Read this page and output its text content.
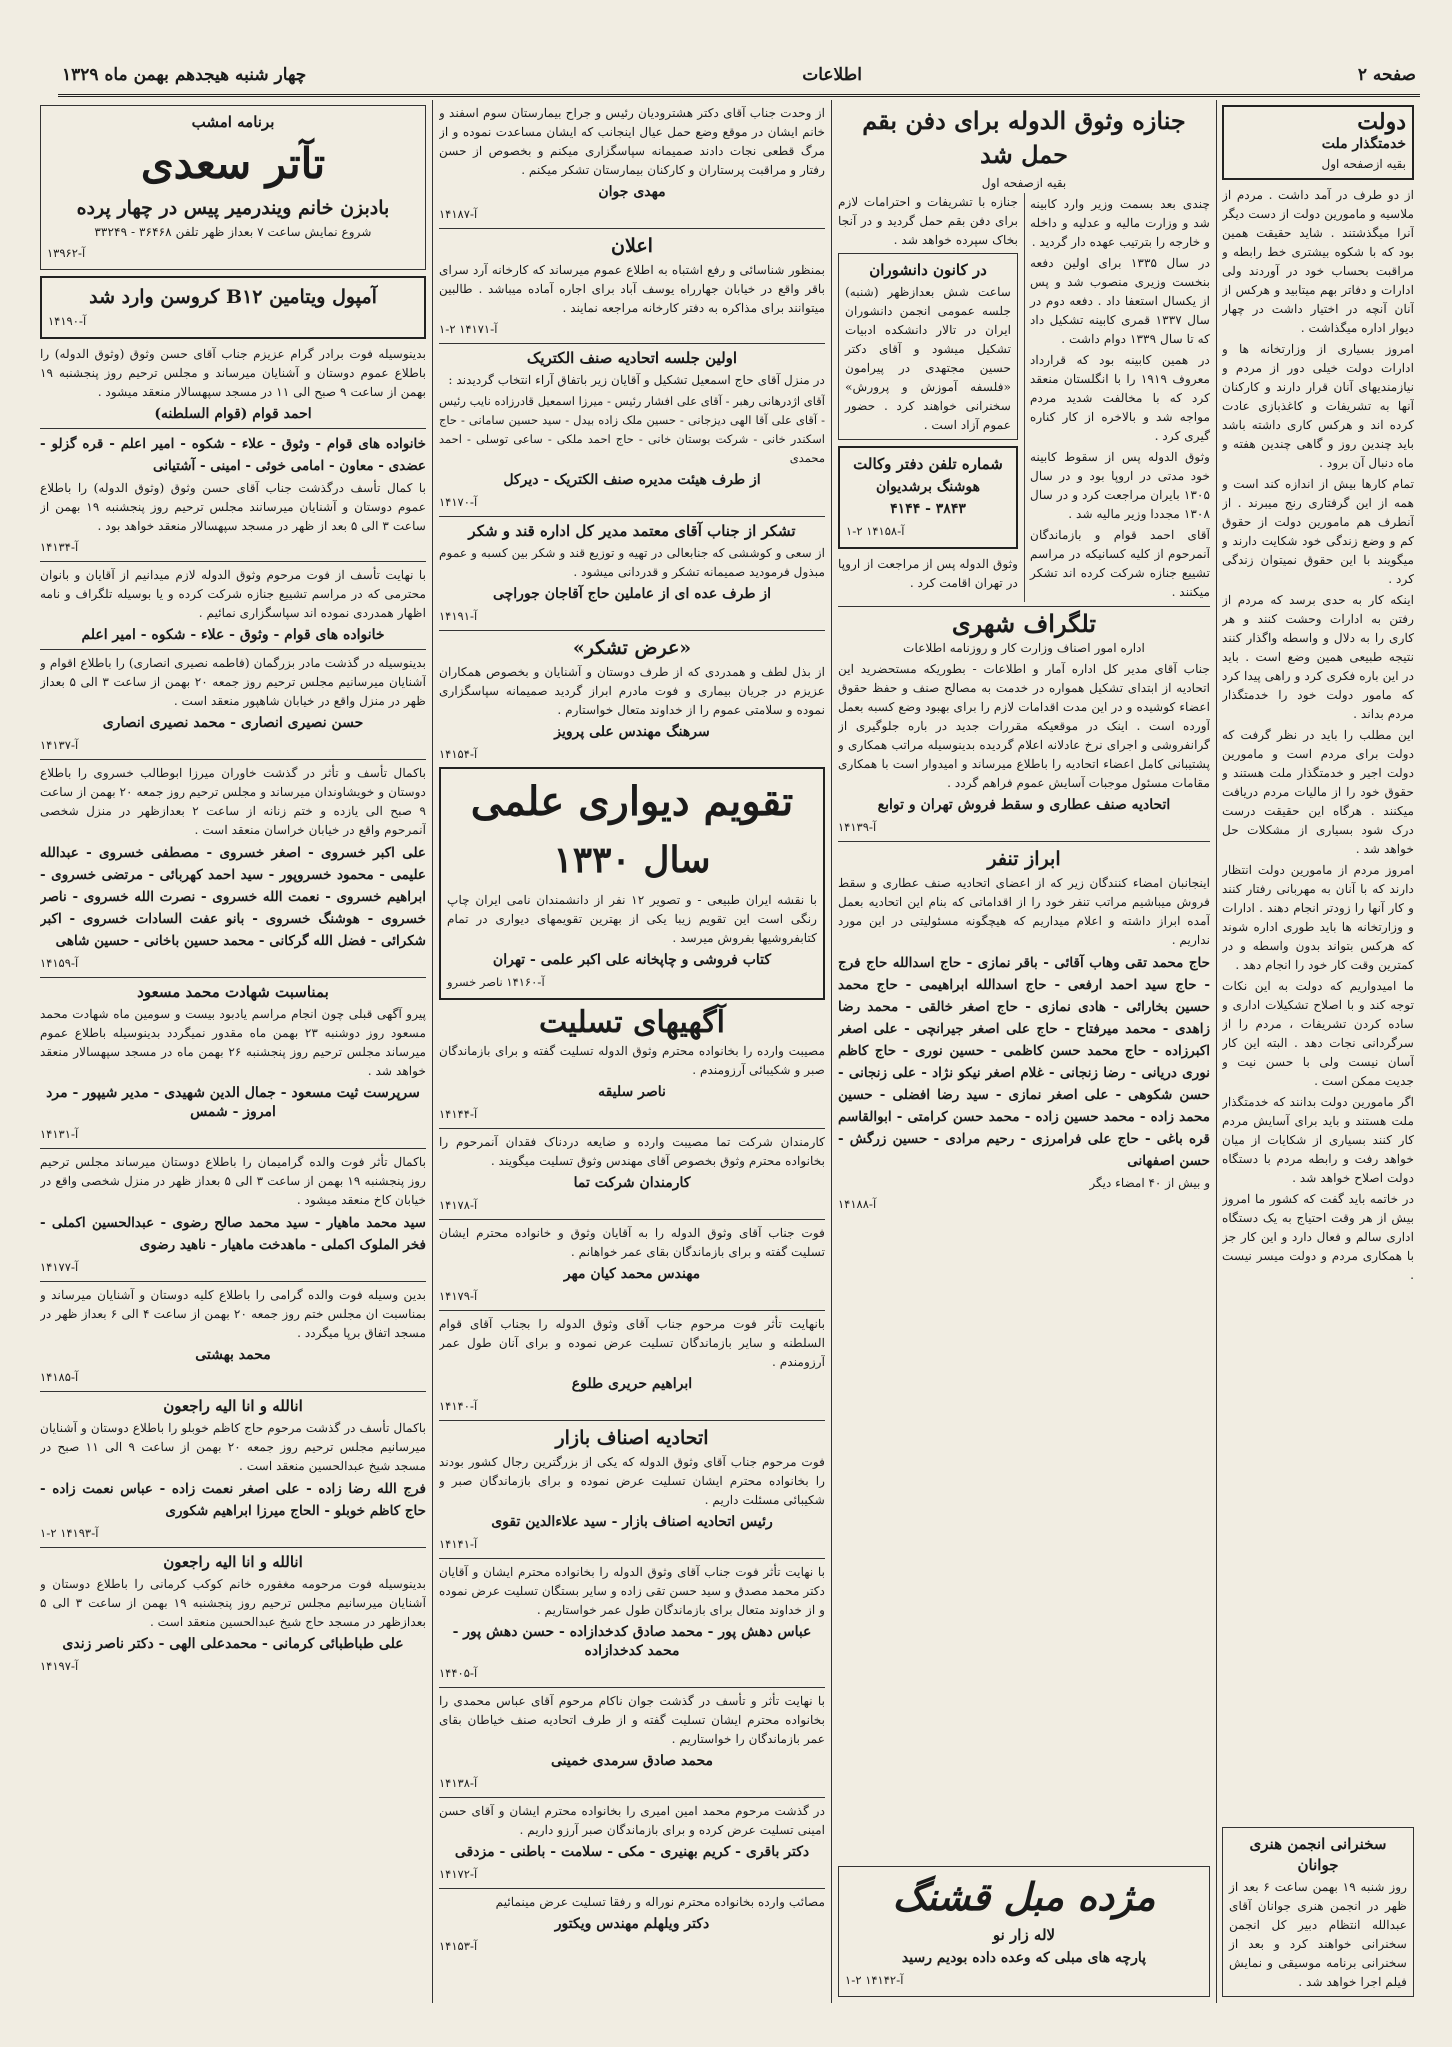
صفحه ۲
اطلاعات
چهار شنبه هیجدهم بهمن ماه ۱۳۲۹
دولت
خدمتگذار ملت
بقیه ازصفحه اول

از دو طرف در آمد داشت . مردم از ملاسیه و مامورین دولت از دست دیگر آنرا میگذشتند . شاید حقیقت همین بود که با شکوه بیشتری خط رابطه و مراقبت بحساب خود در آوردند ولی ادارات و دفاتر بهم میتابید و هرکس از آنان آنچه در اختیار داشت در چهار دیوار اداره میگذاشت .

امروز بسیاری از وزارتخانه ها و ادارات دولت خیلی دور از مردم و نیازمندیهای آنان قرار دارند و کارکنان آنها به تشریفات و کاغذبازی عادت کرده اند و هرکس کاری داشته باشد باید چندین روز و گاهی چندین هفته و ماه دنبال آن برود .

تمام کارها بیش از اندازه کند است و همه از این گرفتاری رنج میبرند . از آنطرف هم مامورین دولت از حقوق کم و وضع زندگی خود شکایت دارند و میگویند با این حقوق نمیتوان زندگی کرد .

اینکه کار به حدی برسد که مردم از رفتن به ادارات وحشت کنند و هر کاری را به دلال و واسطه واگذار کنند نتیجه طبیعی همین وضع است . باید در این باره فکری کرد و راهی پیدا کرد که مامور دولت خود را خدمتگذار مردم بداند .

این مطلب را باید در نظر گرفت که دولت برای مردم است و مامورین دولت اجیر و خدمتگذار ملت هستند و حقوق خود را از مالیات مردم دریافت میکنند . هرگاه این حقیقت درست درک شود بسیاری از مشکلات حل خواهد شد .

امروز مردم از مامورین دولت انتظار دارند که با آنان به مهربانی رفتار کنند و کار آنها را زودتر انجام دهند . ادارات و وزارتخانه ها باید طوری اداره شوند که هرکس بتواند بدون واسطه و در کمترین وقت کار خود را انجام دهد .

ما امیدواریم که دولت به این نکات توجه کند و با اصلاح تشکیلات اداری و ساده کردن تشریفات ، مردم را از سرگردانی نجات دهد . البته این کار آسان نیست ولی با حسن نیت و جدیت ممکن است .

اگر مامورین دولت بدانند که خدمتگذار ملت هستند و باید برای آسایش مردم کار کنند بسیاری از شکایات از میان خواهد رفت و رابطه مردم با دستگاه دولت اصلاح خواهد شد .

در خاتمه باید گفت که کشور ما امروز بیش از هر وقت احتیاج به یک دستگاه اداری سالم و فعال دارد و این کار جز با همکاری مردم و دولت میسر نیست .

سخنرانی انجمن هنری جوانان
روز شنبه ۱۹ بهمن ساعت ۶ بعد از ظهر در انجمن هنری جوانان آقای عبدالله انتظام دبیر کل انجمن سخنرانی خواهند کرد و بعد از سخنرانی برنامه موسیقی و نمایش فیلم اجرا خواهد شد .
جنازه وثوق الدوله برای دفن بقم حمل شد
بقیه ازصفحه اول

چندی بعد بسمت وزیر وارد کابینه شد و وزارت مالیه و عدلیه و داخله و خارجه را بترتیب عهده دار گردید .

در سال ۱۳۳۵ برای اولین دفعه بنخست وزیری منصوب شد و پس از یکسال استعفا داد . دفعه دوم در سال ۱۳۳۷ قمری کابینه تشکیل داد که تا سال ۱۳۳۹ دوام داشت .

در همین کابینه بود که قرارداد معروف ۱۹۱۹ را با انگلستان منعقد کرد که با مخالفت شدید مردم مواجه شد و بالاخره از کار کناره گیری کرد .

وثوق الدوله پس از سقوط کابینه خود مدتی در اروپا بود و در سال ۱۳۰۵ بایران مراجعت کرد و در سال ۱۳۰۸ مجددا وزیر مالیه شد .

آقای احمد قوام و بازماندگان آنمرحوم از کلیه کسانیکه در مراسم تشییع جنازه شرکت کرده اند تشکر میکنند .

جنازه با تشریفات و احترامات لازم برای دفن بقم حمل گردید و در آنجا بخاک سپرده خواهد شد .

در کانون دانشوران
ساعت شش بعدازظهر (شنبه) جلسه عمومی انجمن دانشوران ایران در تالار دانشکده ادبیات تشکیل میشود و آقای دکتر حسین مجتهدی در پیرامون «فلسفه آموزش و پرورش» سخنرانی خواهند کرد . حضور عموم آزاد است .
شماره تلفن دفتر وکالت
هوشنگ برشدیوان
۳۸۴۳ - ۴۱۴۴
آ-۱۴۱۵۸ ۲-۱

وثوق الدوله پس از مراجعت از اروپا در تهران اقامت کرد .

تلگراف شهری
اداره امور اصناف وزارت کار و روزنامه اطلاعات

جناب آقای مدیر کل اداره آمار و اطلاعات - بطوریکه مستحضرید این اتحادیه از ابتدای تشکیل همواره در خدمت به مصالح صنف و حفظ حقوق اعضاء کوشیده و در این مدت اقدامات لازم را برای بهبود وضع کسبه بعمل آورده است . اینک در موقعیکه مقررات جدید در باره جلوگیری از گرانفروشی و اجرای نرخ عادلانه اعلام گردیده بدینوسیله مراتب همکاری و پشتیبانی کامل اعضاء اتحادیه را باطلاع میرساند و امیدوار است با همکاری مقامات مسئول موجبات آسایش عموم فراهم گردد .

اتحادیه صنف عطاری و سقط فروش تهران و توابع
آ-۱۴۱۳۹
ابراز تنفر

اینجانبان امضاء کنندگان زیر که از اعضای اتحادیه صنف عطاری و سقط فروش میباشیم مراتب تنفر خود را از اقداماتی که بنام این اتحادیه بعمل آمده ابراز داشته و اعلام میداریم که هیچگونه مسئولیتی در این مورد نداریم .

حاج محمد تقی وهاب آقائی - باقر نمازی - حاج اسدالله حاج فرج - حاج سید احمد ارفعی - حاج اسدالله ابراهیمی - حاج محمد حسین بخارائی - هادی نمازی - حاج اصغر خالقی - محمد رضا زاهدی - محمد میرفتاح - حاج علی اصغر جیرانچی - علی اصغر اکبرزاده - حاج محمد حسن کاظمی - حسین نوری - حاج کاظم نوری دریانی - رضا زنجانی - غلام اصغر نیکو نژاد - علی زنجانی - حسن شکوهی - علی اصغر نمازی - سید رضا افضلی - حسین محمد زاده - محمد حسین زاده - محمد حسن کرامتی - ابوالقاسم قره باغی - حاج علی فرامرزی - رحیم مرادی - حسین زرگش - حسن اصفهانی

و بیش از ۴۰ امضاء دیگر
آ-۱۴۱۸۸
مژده مبل قشنگ
لاله زار نو
پارچه های مبلی که وعده داده بودیم رسید
آ-۱۴۱۴۲ ۲-۱

از وحدت جناب آقای دکتر هشترودیان رئیس و جراح بیمارستان سوم اسفند و خانم ایشان در موقع وضع حمل عیال اینجانب که ایشان مساعدت نموده و از مرگ قطعی نجات دادند صمیمانه سپاسگزاری میکنم و بخصوص از حسن رفتار و مراقبت پرستاران و کارکنان بیمارستان تشکر میکنم .

مهدی جوان
آ-۱۴۱۸۷
اعلان

بمنظور شناسائی و رفع اشتباه به اطلاع عموم میرساند که کارخانه آرد سرای باقر واقع در خیابان جهارراه یوسف آباد برای اجاره آماده میباشد . طالبین میتوانند برای مذاکره به دفتر کارخانه مراجعه نمایند .

آ-۱۴۱۷۱ ۲-۱
اولین جلسه اتحادیه صنف الکتریک

در منزل آقای حاج اسمعیل تشکیل و آقایان زیر باتفاق آراء انتخاب گردیدند :

آقای اژدرهانی رهبر - آقای علی افشار رئیس - میرزا اسمعیل قادرزاده نایب رئیس - آقای علی آقا الهی دیزجانی - حسین ملک زاده بیدل - سید حسین سامانی - حاج اسکندر خانی - شرکت بوستان خانی - حاج احمد ملکی - ساعی توسلی - احمد محمدی

از طرف هیئت مدیره صنف الکتریک - دیرکل
آ-۱۴۱۷۰
تشکر از جناب آقای معتمد مدیر کل اداره قند و شکر

از سعی و کوششی که جنابعالی در تهیه و توزیع قند و شکر بین کسبه و عموم مبذول فرمودید صمیمانه تشکر و قدردانی میشود .

از طرف عده ای از عاملین حاج آقاجان جوراچی
آ-۱۴۱۹۱
«عرض تشکر»

از بذل لطف و همدردی که از طرف دوستان و آشنایان و بخصوص همکاران عزیزم در جریان بیماری و فوت مادرم ابراز گردید صمیمانه سپاسگزاری نموده و سلامتی عموم را از خداوند متعال خواستارم .

سرهنگ مهندس علی پرویز
آ-۱۴۱۵۴
تقویم دیواری علمی
سال ۱۳۳۰

با نقشه ایران طبیعی - و تصویر ۱۲ نفر از دانشمندان نامی ایران چاپ رنگی است این تقویم زیبا یکی از بهترین تقویمهای دیواری در تمام کتابفروشیها بفروش میرسد .

کتاب فروشی و چاپخانه علی اکبر علمی - تهران
آ-۱۴۱۶۰ ناصر خسرو
آگهیهای تسلیت

مصیبت وارده را بخانواده محترم وثوق الدوله تسلیت گفته و برای بازماندگان صبر و شکیبائی آرزومندم .

ناصر سلیقه
آ-۱۴۱۴۴

کارمندان شرکت تما مصیبت وارده و ضایعه دردناک فقدان آنمرحوم را بخانواده محترم وثوق بخصوص آقای مهندس وثوق تسلیت میگویند .

کارمندان شرکت تما
آ-۱۴۱۷۸

فوت جناب آقای وثوق الدوله را به آقایان وثوق و خانواده محترم ایشان تسلیت گفته و برای بازماندگان بقای عمر خواهانم .

مهندس محمد کیان مهر
آ-۱۴۱۷۹

بانهایت تأثر فوت مرحوم جناب آقای وثوق الدوله را بجناب آقای قوام السلطنه و سایر بازماندگان تسلیت عرض نموده و برای آنان طول عمر آرزومندم .

ابراهیم حریری طلوع
آ-۱۴۱۴۰
اتحادیه اصناف بازار

فوت مرحوم جناب آقای وثوق الدوله که یکی از بزرگترین رجال کشور بودند را بخانواده محترم ایشان تسلیت عرض نموده و برای بازماندگان صبر و شکیبائی مسئلت داریم .

رئیس اتحادیه اصناف بازار - سید علاءالدین تقوی
آ-۱۴۱۴۱

با نهایت تأثر فوت جناب آقای وثوق الدوله را بخانواده محترم ایشان و آقایان دکتر محمد مصدق و سید حسن تقی زاده و سایر بستگان تسلیت عرض نموده و از خداوند متعال برای بازماندگان طول عمر خواستاریم .

عباس دهش پور - محمد صادق کدخدازاده - حسن دهش پور - محمد کدخدازاده
آ-۱۴۴۰۵

با نهایت تأثر و تأسف در گذشت جوان ناکام مرحوم آقای عباس محمدی را بخانواده محترم ایشان تسلیت گفته و از طرف اتحادیه صنف خیاطان بقای عمر بازماندگان را خواستاریم .

محمد صادق سرمدی خمینی
آ-۱۴۱۳۸

در گذشت مرحوم محمد امین امیری را بخانواده محترم ایشان و آقای حسن امینی تسلیت عرض کرده و برای بازماندگان صبر آرزو داریم .

دکتر باقری - کریم بهنیری - مکی - سلامت - باطنی - مزدقی
آ-۱۴۱۷۲

مصائب وارده بخانواده محترم نوراله و رفقا تسلیت عرض مینمائیم

دکتر ویلهلم مهندس ویکتور
آ-۱۴۱۵۳
برنامه امشب
تآتر سعدی
بادبزن خانم ویندرمیر پیس در چهار پرده
شروع نمایش ساعت ۷ بعداز ظهر تلفن ۳۶۴۶۸ - ۳۳۲۴۹
آ-۱۳۹۶۲
آمپول ویتامین B۱۲ کروسن وارد شد
آ-۱۴۱۹۰

بدینوسیله فوت برادر گرام عزیزم جناب آقای حسن وثوق (وثوق الدوله) را باطلاع عموم دوستان و آشنایان میرساند و مجلس ترحیم روز پنجشنبه ۱۹ بهمن از ساعت ۹ صبح الی ۱۱ در مسجد سپهسالار منعقد میشود .

احمد قوام (قوام السلطنه)

خانواده های قوام - وثوق - علاء - شکوه - امیر اعلم - قره گزلو - عضدی - معاون - امامی خوئی - امینی - آشتیانی

با کمال تأسف درگذشت جناب آقای حسن وثوق (وثوق الدوله) را باطلاع عموم دوستان و آشنایان میرسانند مجلس ترحیم روز پنجشنبه ۱۹ بهمن از ساعت ۳ الی ۵ بعد از ظهر در مسجد سپهسالار منعقد خواهد بود .

آ-۱۴۱۳۴

با نهایت تأسف از فوت مرحوم وثوق الدوله لازم میدانیم از آقایان و بانوان محترمی که در مراسم تشییع جنازه شرکت کرده و یا بوسیله تلگراف و نامه اظهار همدردی نموده اند سپاسگزاری نمائیم .

خانواده های قوام - وثوق - علاء - شکوه - امیر اعلم

بدینوسیله در گذشت مادر بزرگمان (فاطمه نصیری انصاری) را باطلاع اقوام و آشنایان میرسانیم مجلس ترحیم روز جمعه ۲۰ بهمن از ساعت ۳ الی ۵ بعداز ظهر در منزل واقع در خیابان شاهپور منعقد است .

حسن نصیری انصاری - محمد نصیری انصاری
آ-۱۴۱۳۷

باکمال تأسف و تأثر در گذشت خاوران میرزا ابوطالب خسروی را باطلاع دوستان و خویشاوندان میرساند و مجلس ترحیم روز جمعه ۲۰ بهمن از ساعت ۹ صبح الی یازده و ختم زنانه از ساعت ۲ بعدازظهر در منزل شخصی آنمرحوم واقع در خیابان خراسان منعقد است .

علی اکبر خسروی - اصغر خسروی - مصطفی خسروی - عبدالله علیمی - محمود خسروپور - سید احمد کهربائی - مرتضی خسروی - ابراهیم خسروی - نعمت الله خسروی - نصرت الله خسروی - ناصر خسروی - هوشنگ خسروی - بانو عفت السادات خسروی - اکبر شکرائی - فضل الله گرکانی - محمد حسین باخانی - حسین شاهی

آ-۱۴۱۵۹
بمناسبت شهادت محمد مسعود

پیرو آگهی قبلی چون انجام مراسم یادبود بیست و سومین ماه شهادت محمد مسعود روز دوشنبه ۲۳ بهمن ماه مقدور نمیگردد بدینوسیله باطلاع عموم میرساند مجلس ترحیم روز پنجشنبه ۲۶ بهمن ماه در مسجد سپهسالار منعقد خواهد شد .

سرپرست ثیت مسعود - جمال الدین شهیدی - مدیر شیپور - مرد امروز - شمس
آ-۱۴۱۳۱

باکمال تأثر فوت والده گرامیمان را باطلاع دوستان میرساند مجلس ترحیم روز پنجشنبه ۱۹ بهمن از ساعت ۳ الی ۵ بعداز ظهر در منزل شخصی واقع در خیابان کاخ منعقد میشود .

سید محمد ماهیار - سید محمد صالح رضوی - عبدالحسین اکملی - فخر الملوک اکملی - ماهدخت ماهیار - ناهید رضوی

آ-۱۴۱۷۷

بدین وسیله فوت والده گرامی را باطلاع کلیه دوستان و آشنایان میرساند و بمناسبت ان مجلس ختم روز جمعه ۲۰ بهمن از ساعت ۴ الی ۶ بعداز ظهر در مسجد اتفاق برپا میگردد .

محمد بهشتی
آ-۱۴۱۸۵
انالله و انا الیه راجعون

باکمال تأسف در گذشت مرحوم حاج کاظم خوبلو را باطلاع دوستان و آشنایان میرسانیم مجلس ترحیم روز جمعه ۲۰ بهمن از ساعت ۹ الی ۱۱ صبح در مسجد شیخ عبدالحسین منعقد است .

فرج الله رضا زاده - علی اصغر نعمت زاده - عباس نعمت زاده - حاج کاظم خوبلو - الحاج میرزا ابراهیم شکوری

آ-۱۴۱۹۳ ۲-۱
انالله و انا الیه راجعون

بدینوسیله فوت مرحومه مغفوره خانم کوکب کرمانی را باطلاع دوستان و آشنایان میرسانیم مجلس ترحیم روز پنجشنبه ۱۹ بهمن از ساعت ۳ الی ۵ بعدازظهر در مسجد حاج شیخ عبدالحسین منعقد است .

علی طباطبائی کرمانی - محمدعلی الهی - دکتر ناصر زندی
آ-۱۴۱۹۷
